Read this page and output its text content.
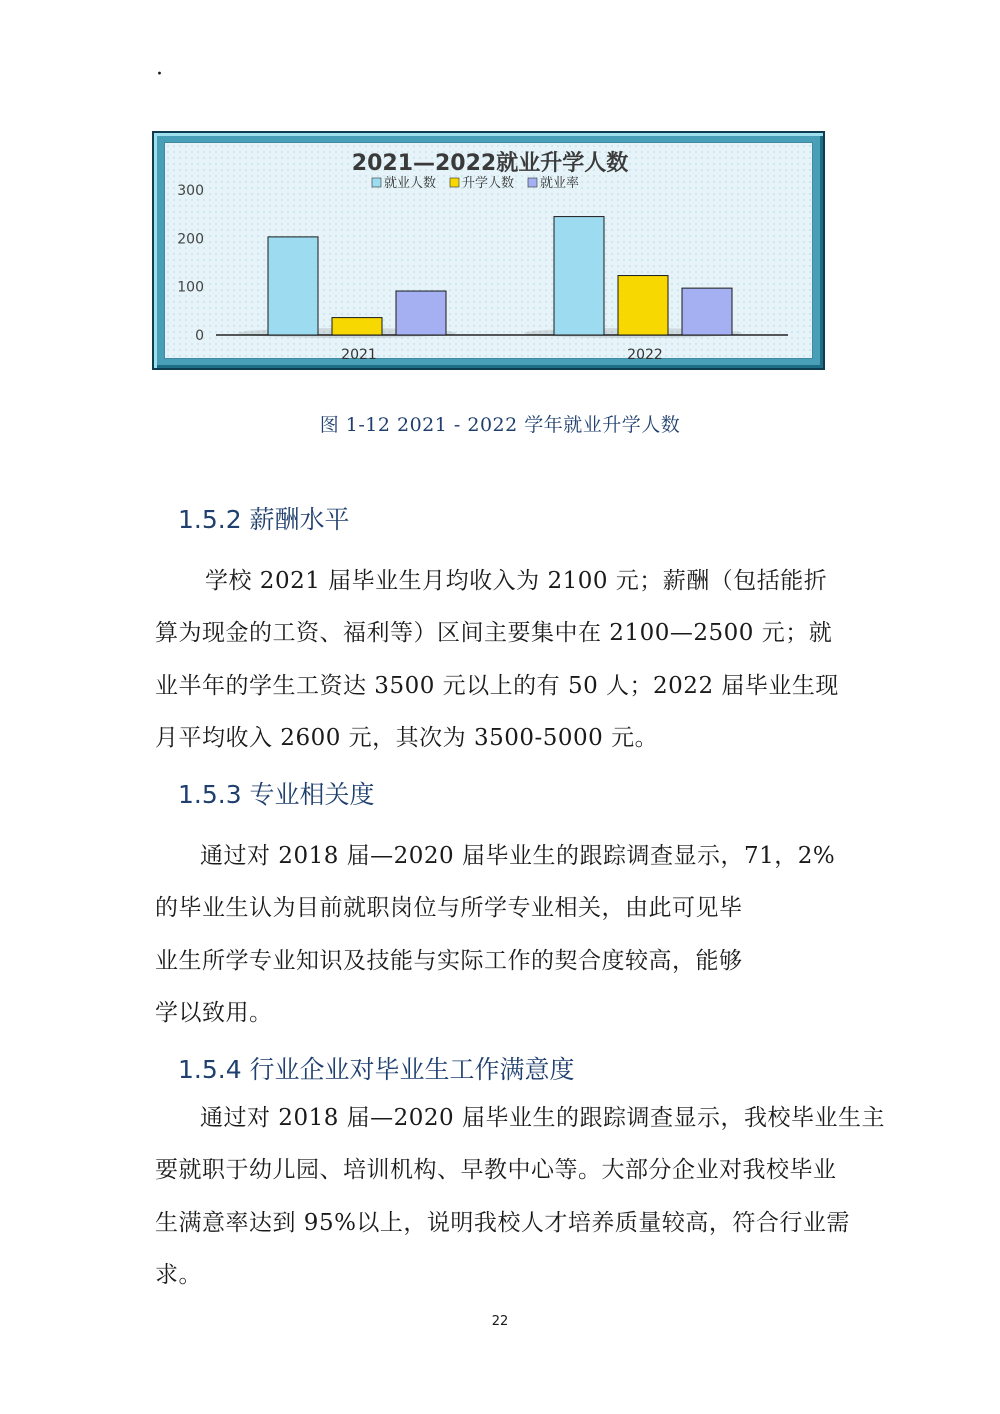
·
2021—2022就业升学人数
就业人数 升学人数 就业率
0
100
200
300
2021	2022
图 1-12 2021 - 2022 学年就业升学人数
1.5.2 薪酬水平

学校 2021 届毕业生月均收入为 2100 元；薪酬（包括能折

算为现金的工资、福利等）区间主要集中在 2100—2500 元；就

业半年的学生工资达 3500 元以上的有 50 人；2022 届毕业生现

月平均收入 2600 元，其次为 3500-5000 元。

1.5.3 专业相关度

通过对 2018 届—2020 届毕业生的跟踪调查显示，71，2%

的毕业生认为目前就职岗位与所学专业相关，由此可见毕

业生所学专业知识及技能与实际工作的契合度较高，能够

学以致用。

1.5.4 行业企业对毕业生工作满意度

通过对 2018 届—2020 届毕业生的跟踪调查显示，我校毕业生主

要就职于幼儿园、培训机构、早教中心等。大部分企业对我校毕业

生满意率达到 95%以上，说明我校人才培养质量较高，符合行业需

求。

22
